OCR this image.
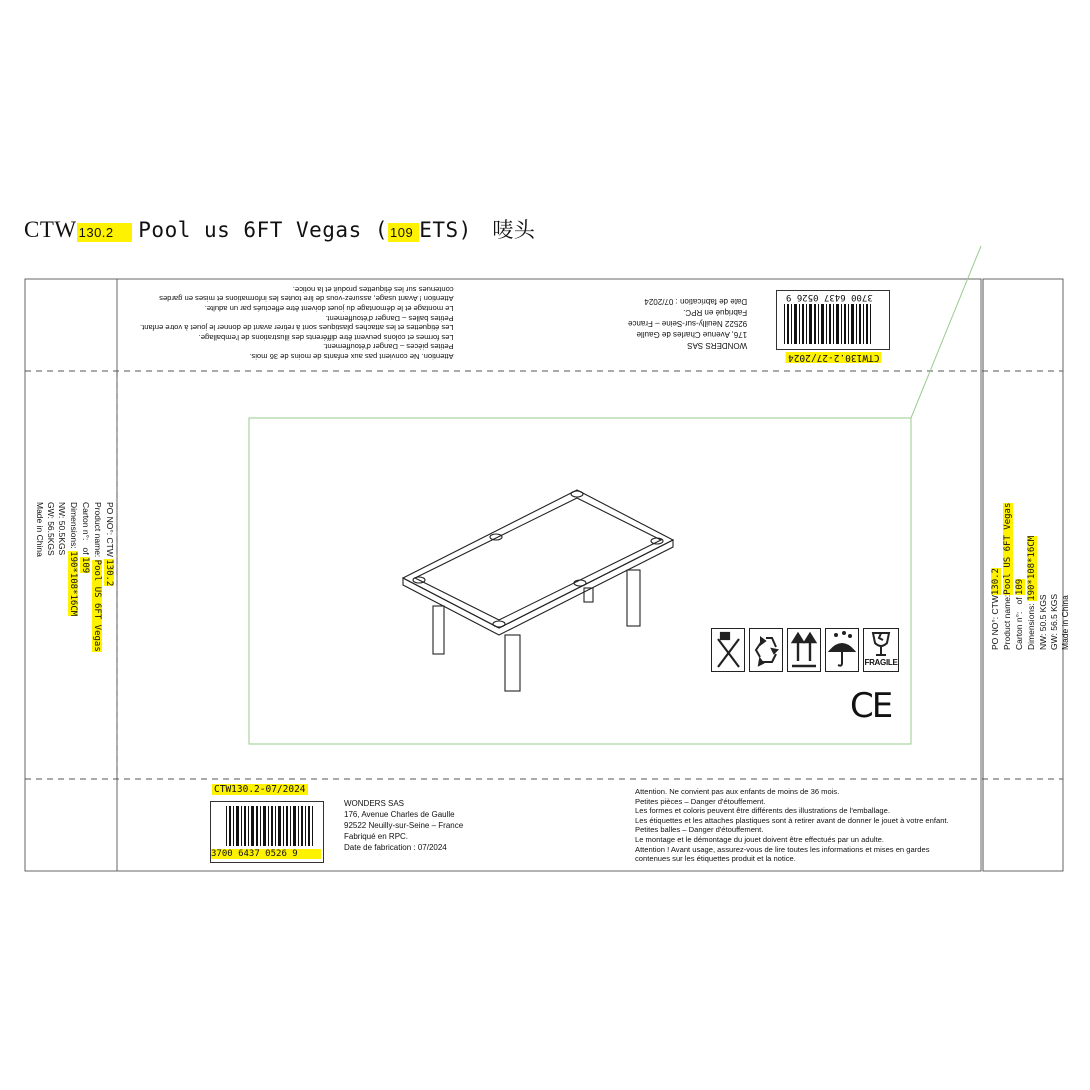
CTW 130.2 Pool us 6FT Vegas ( 109 ETS) 唛头
CTW130.2-07/2024
3700 6437 0526 9
WONDERS SAS
176, Avenue Charles de Gaulle
92522 Neuilly-sur-Seine – France
Fabriqué en RPC.
Date de fabrication : 07/2024
Attention. Ne convient pas aux enfants de moins de 36 mois.
Petites pièces – Danger d'étouffement.
Les formes et coloris peuvent être différents des illustrations de l'emballage.
Les étiquettes et les attaches plastiques sont à retirer avant de donner le jouet à votre enfant.
Petites balles – Danger d'étouffement.
Le montage et le démontage du jouet doivent être effectués par un adulte.
Attention ! Avant usage, assurez-vous de lire toutes les informations et mises en gardes
contenues sur les étiquettes produit et la notice.
Attention. Ne convient pas aux enfants de moins de 36 mois.
Petites pièces – Danger d'étouffement.
Les formes et coloris peuvent être différents des illustrations de l'emballage.
Les étiquettes et les attaches plastiques sont à retirer avant de donner le jouet à votre enfant.
Petites balles – Danger d'étouffement.
Le montage et le démontage du jouet doivent être effectués par un adulte.
Attention ! Avant usage, assurez-vous de lire toutes les informations et mises en gardes
contenues sur les étiquettes produit et la notice.
WONDERS SAS
176, Avenue Charles de Gaulle
92522 Neuilly-sur-Seine – France
Fabriqué en RPC.
Date de fabrication : 07/2024	3700 6437 0526 9
CTW130.2-27/2024
PO NO°: CTW 130.2
Product name: Pool US 6FT Vegas
Carton n°:   of 109
Dimensions: 190*108*16CM
NW: 50.5KGS
GW: 56.5KGS
Made in China
PO NO°: CTW130.2
Product name:Pool US 6FT Vegas
Carton n°:   of 109
Dimensions: 190*108*16CM
NW: 50.5 KGS
GW: 56.5 KGS Made in China
FRAGILE
CE
